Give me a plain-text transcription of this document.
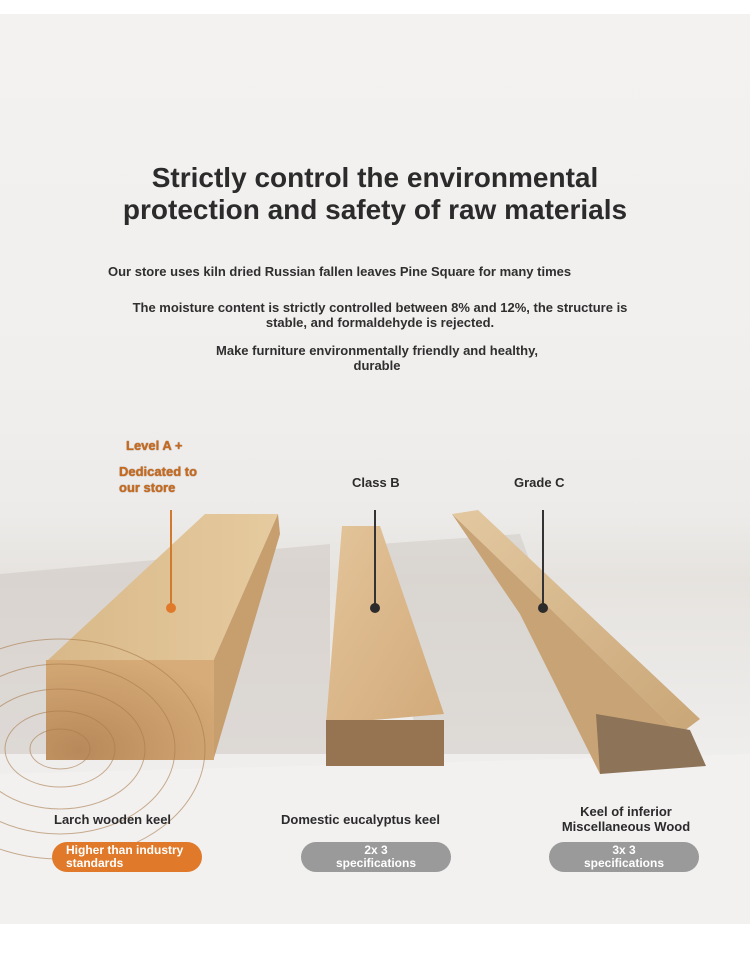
Strictly control the environmental
protection and safety of raw materials
Our store uses kiln dried Russian fallen leaves Pine Square for many times
The moisture content is strictly controlled between 8% and 12%, the structure is
stable, and formaldehyde is rejected.
Make furniture environmentally friendly and healthy,
durable
Level A +
Dedicated to
our store	Class B	Grade C
Larch wooden keel	Domestic eucalyptus keel
Keel of inferior
Miscellaneous Wood
Higher than industry
standards
2x 3
specifications
3x 3
specifications
